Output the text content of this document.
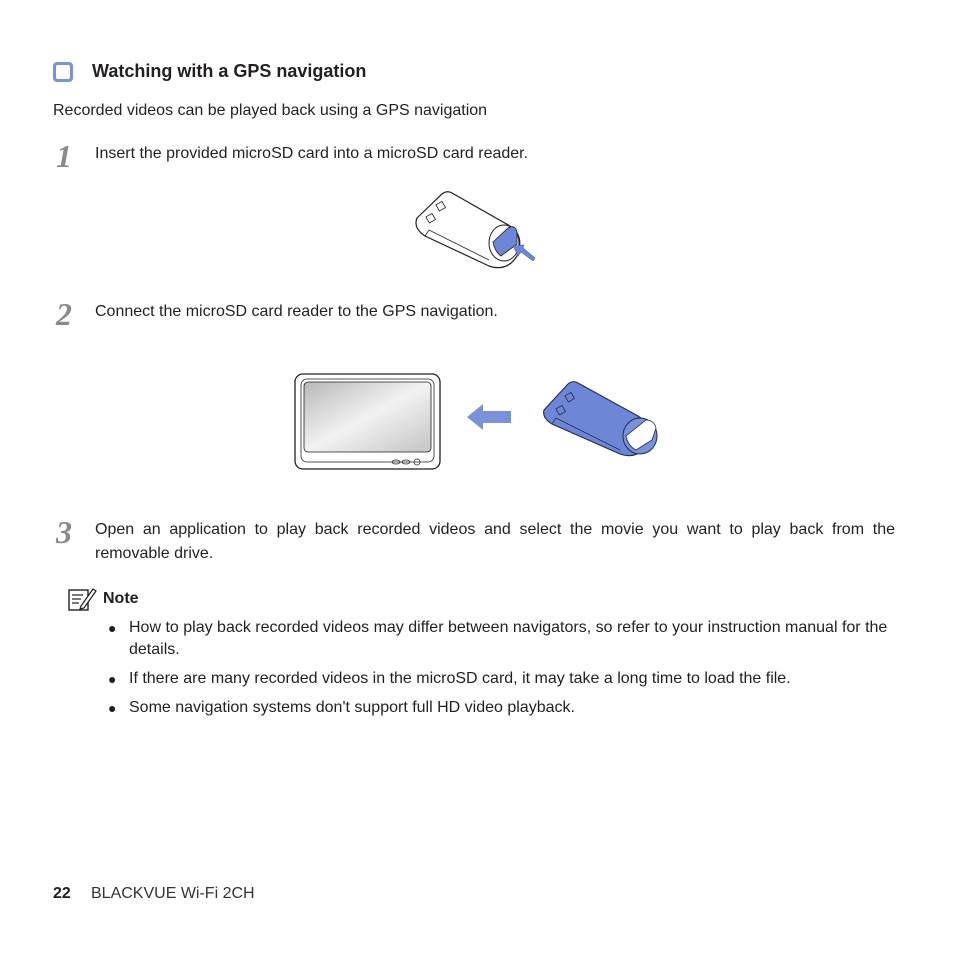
Watching with a GPS navigation
Recorded videos can be played back using a GPS navigation
1 Insert the provided microSD card into a microSD card reader.
2 Connect the microSD card reader to the GPS navigation.
3 Open an application to play back recorded videos and select the movie you want to play back from the removable drive.
Note
● How to play back recorded videos may differ between navigators, so refer to your instruction manual for the details.
● If there are many recorded videos in the microSD card, it may take a long time to load the file.
● Some navigation systems don't support full HD video playback.
22 BLACKVUE Wi-Fi 2CH
